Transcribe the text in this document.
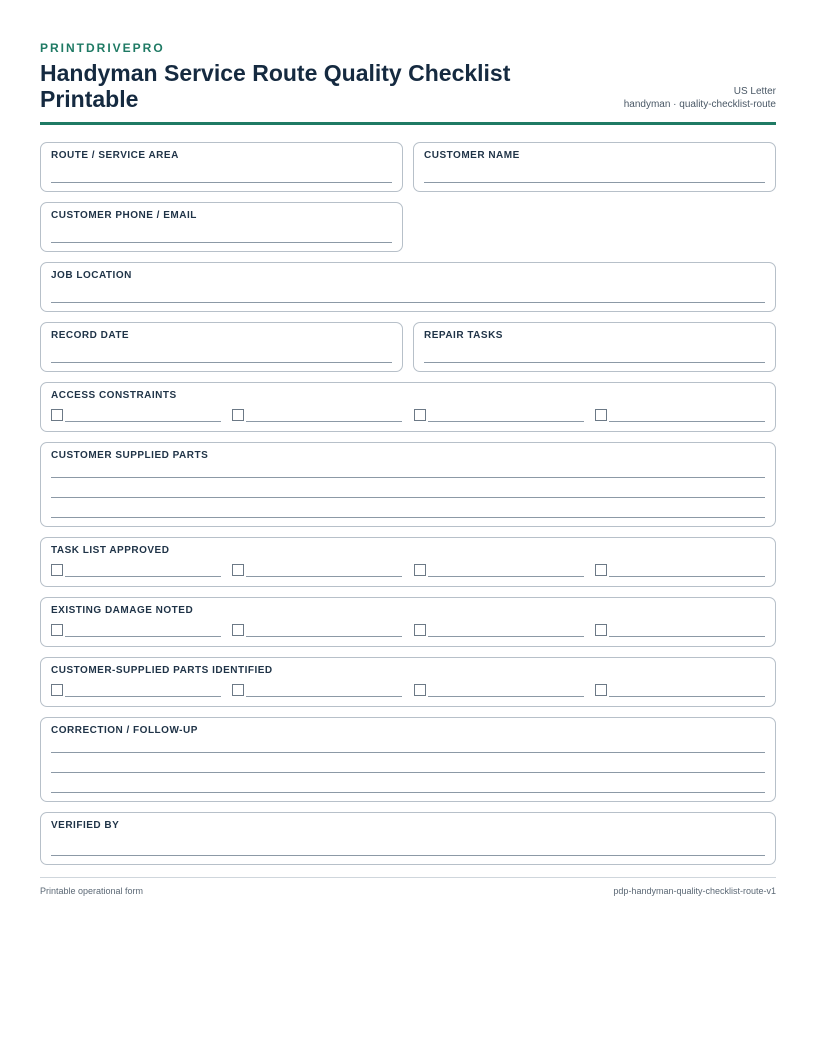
PRINTDRIVEPRO
Handyman Service Route Quality Checklist Printable	US Letter
handyman · quality-checklist-route
ROUTE / SERVICE AREA	CUSTOMER NAME
CUSTOMER PHONE / EMAIL
JOB LOCATION
RECORD DATE	REPAIR TASKS
ACCESS CONSTRAINTS
CUSTOMER SUPPLIED PARTS
TASK LIST APPROVED
EXISTING DAMAGE NOTED
CUSTOMER-SUPPLIED PARTS IDENTIFIED
CORRECTION / FOLLOW-UP
VERIFIED BY
Printable operational form	pdp-handyman-quality-checklist-route-v1
